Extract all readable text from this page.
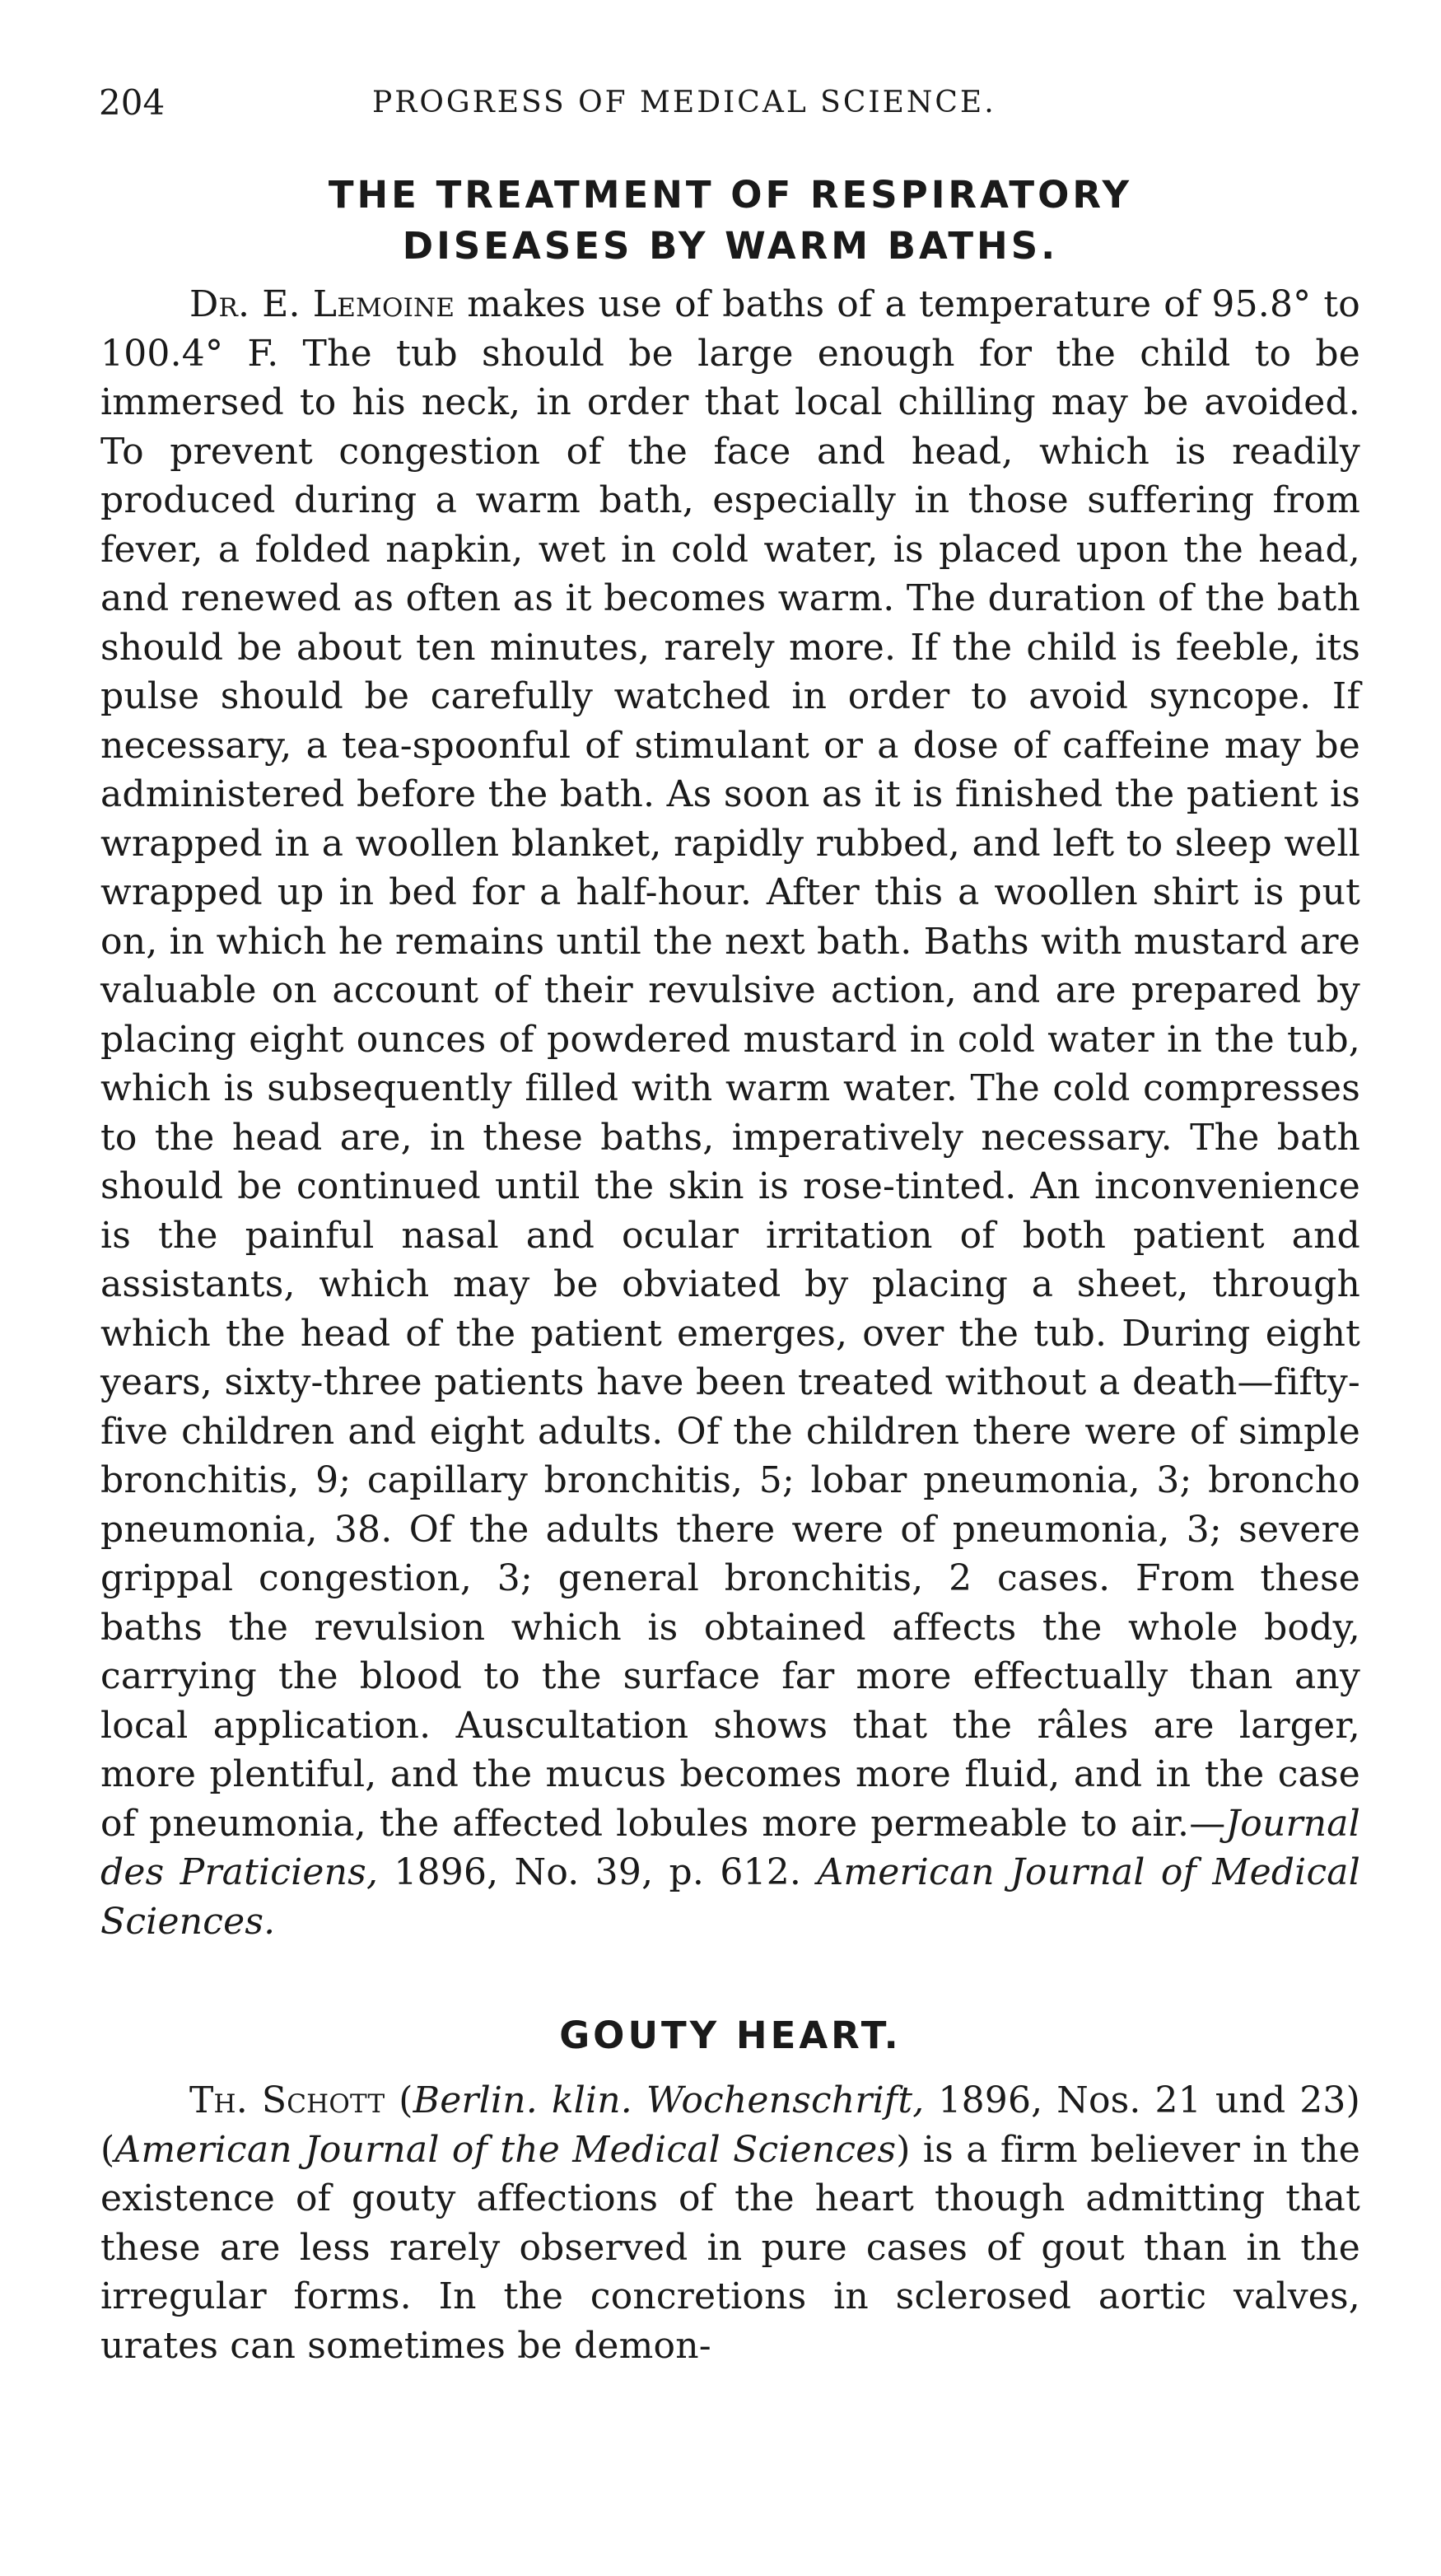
204	PROGRESS OF MEDICAL SCIENCE.
THE TREATMENT OF RESPIRATORY
DISEASES BY WARM BATHS.

Dr. E. Lemoine makes use of baths of a temperature of 95.8° to 100.4° F. The tub should be large enough for the child to be immersed to his neck, in order that local chilling may be avoided. To prevent congestion of the face and head, which is readily produced during a warm bath, especially in those suffering from fever, a folded napkin, wet in cold water, is placed upon the head, and renewed as often as it becomes warm. The duration of the bath should be about ten minutes, rarely more. If the child is feeble, its pulse should be carefully watched in order to avoid syncope. If necessary, a tea-spoonful of stimulant or a dose of caffeine may be administered before the bath. As soon as it is finished the patient is wrapped in a woollen blanket, rapidly rubbed, and left to sleep well wrapped up in bed for a half-hour. After this a woollen shirt is put on, in which he remains until the next bath. Baths with mustard are valuable on account of their revulsive action, and are prepared by placing eight ounces of powdered mustard in cold water in the tub, which is subsequently filled with warm water. The cold compresses to the head are, in these baths, imperatively necessary. The bath should be continued until the skin is rose-tinted. An inconvenience is the painful nasal and ocular irritation of both patient and assistants, which may be obviated by placing a sheet, through which the head of the patient emerges, over the tub. During eight years, sixty-three patients have been treated without a death—fifty-five children and eight adults. Of the children there were of simple bronchitis, 9; capillary bronchitis, 5; lobar pneumonia, 3; broncho pneumonia, 38. Of the adults there were of pneumonia, 3; severe grippal congestion, 3; general bronchitis, 2 cases. From these baths the revulsion which is obtained affects the whole body, carrying the blood to the surface far more effectually than any local application. Auscultation shows that the râles are larger, more plentiful, and the mucus becomes more fluid, and in the case of pneumonia, the affected lobules more permeable to air.—Journal des Praticiens, 1896, No. 39, p. 612. American Journal of Medical Sciences.

GOUTY HEART.

Th. Schott (Berlin. klin. Wochenschrift, 1896, Nos. 21 und 23) (American Journal of the Medical Sciences) is a firm believer in the existence of gouty affections of the heart though admitting that these are less rarely observed in pure cases of gout than in the irregular forms. In the concretions in sclerosed aortic valves, urates can sometimes be demon-
